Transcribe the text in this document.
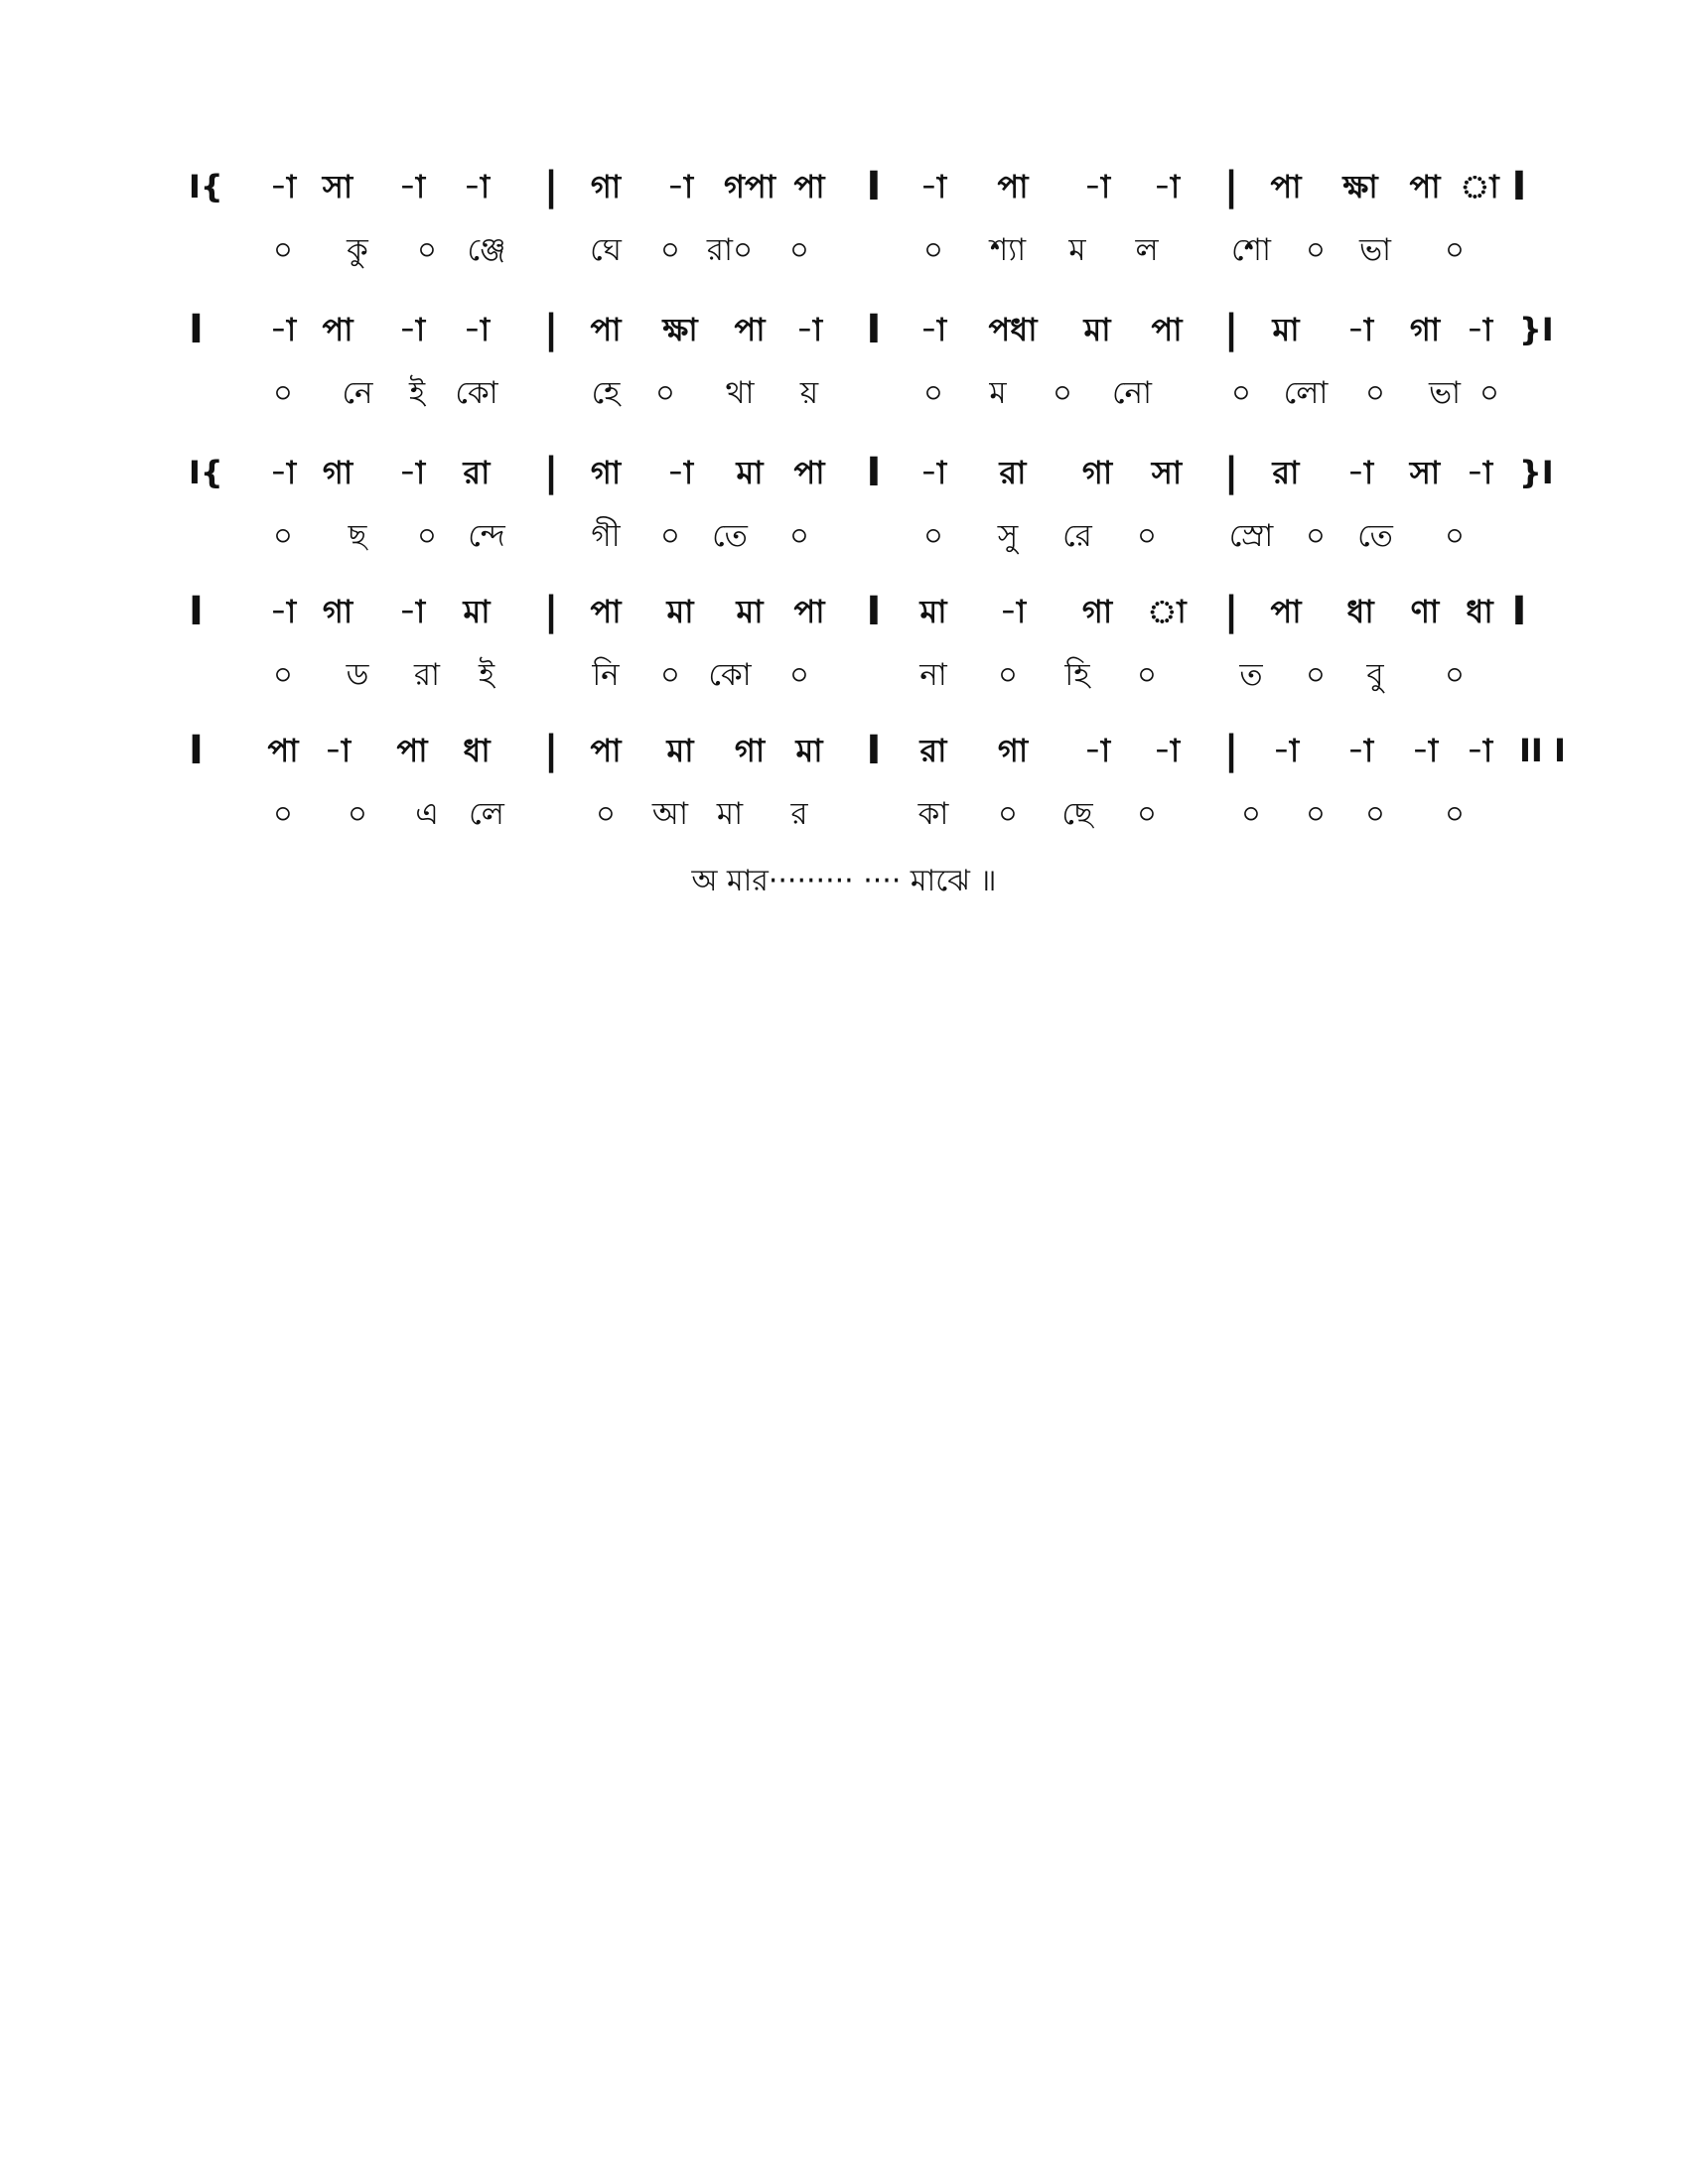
I{ -া সা -া -া | গা -া গপা পা I -া পা -া -া | পা ক্ষা পা া I
০ কু ০ ঞ্জে	ঘে ০ রা০ ০	০ শ্যা ম ল শো ০ ভা ০
I -া পা -া -া | পা ক্ষা পা -া I -া পধা মা পা | মা -া গা -া }I
০ নে ই কো	হে ০ থা য়	০ ম ০ নো	০ লো ০ ভা ০
I{ -া গা -া রা | গা -া মা পা I -া রা গা সা | রা -া সা -া }I
০ ছ ০ ন্দে	গী ০ তে ০	০ সু রে ০ স্রো ০ তে ০
I -া গা -া মা | পা মা মা পা I মা -া গা া | পা ধা ণা ধা I
০ ড রা ই	নি ০ কো ০	না ০ হি ০	ত ০ বু ০
I পা -া পা ধা | পা মা গা মা I রা গা -া -া | -া -া -া -া II I
০ ০ এ লে	০ আ মা র	কা ০ ছে ০	০ ০ ০ ০
অ মার········· ···· মাঝে ॥
